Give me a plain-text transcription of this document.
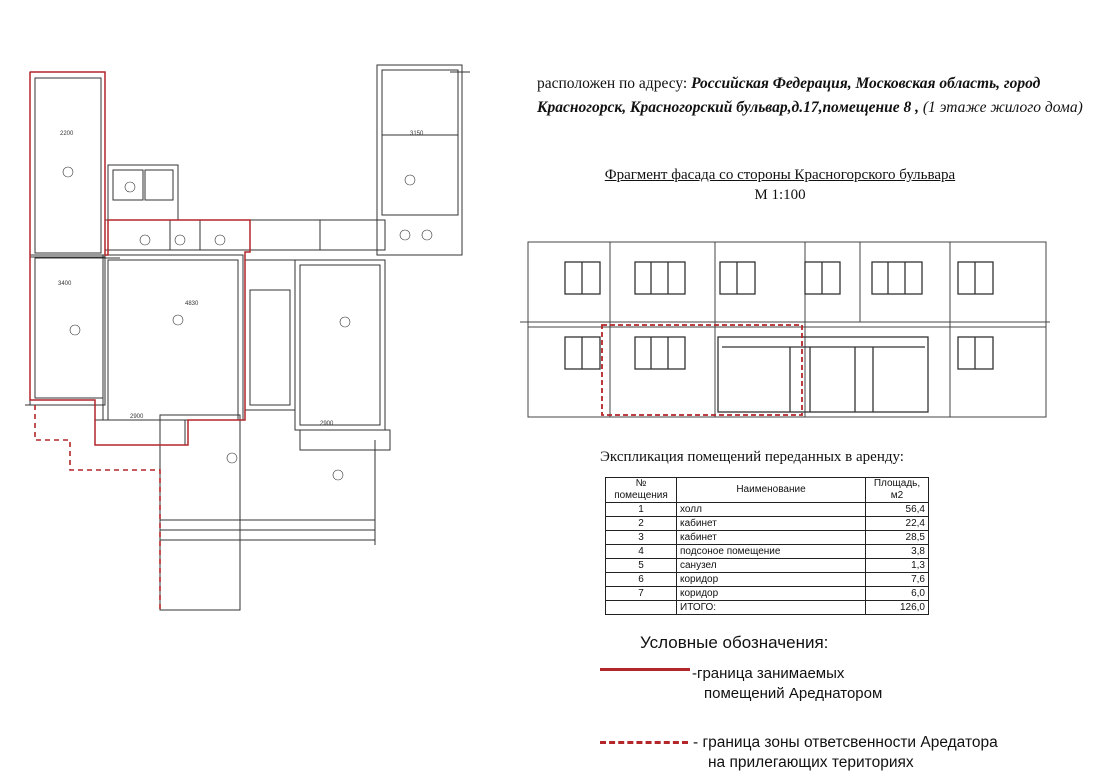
2200
4830
3150
2900
2900
3400
расположен по адресу: Российская Федерация, Московская область, город
Красногорск, Красногорский бульвар,д.17,помещение 8 , (1 этаже жилого дома)
Фрагмент фасада со стороны Красногорского бульвара
М 1:100
Экспликация помещений переданных в аренду:
№ помещения	Наименование	Площадь, м2
1	холл	56,4
2	кабинет	22,4
3	кабинет	28,5
4	подсоное помещение	3,8
5	санузел	1,3
6	коридор	7,6
7	коридор	6,0
	ИТОГО:	126,0
Условные обозначения:
-граница занимаемых
помещений Ареднатором
- граница зоны ответсвенности Аредатора
на прилегающих териториях
